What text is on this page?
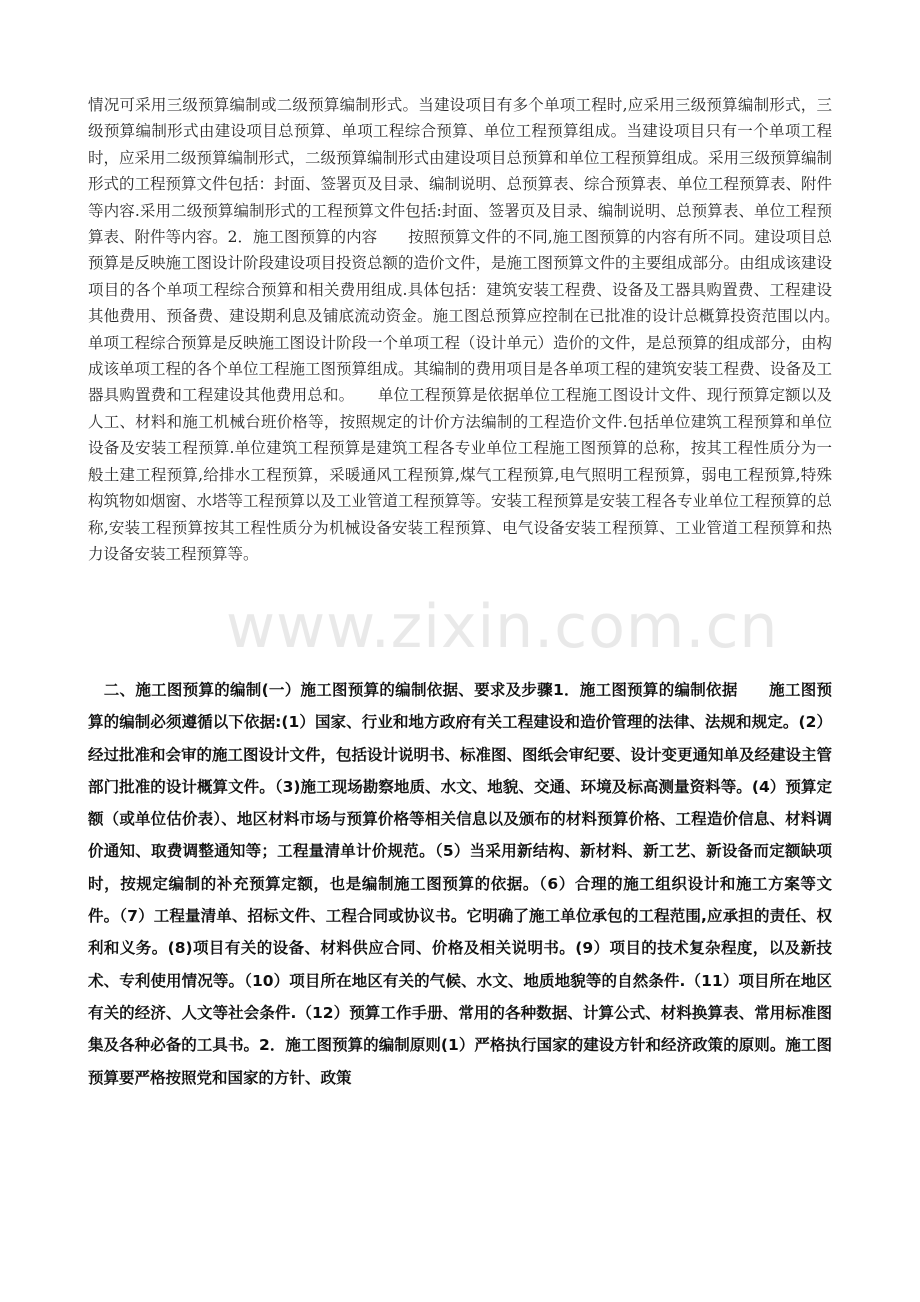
情况可采用三级预算编制或二级预算编制形式。当建设项目有多个单项工程时,应采用三级预算编制形式，三级预算编制形式由建设项目总预算、单项工程综合预算、单位工程预算组成。当建设项目只有一个单项工程时，应采用二级预算编制形式，二级预算编制形式由建设项目总预算和单位工程预算组成。采用三级预算编制形式的工程预算文件包括：封面、签署页及目录、编制说明、总预算表、综合预算表、单位工程预算表、附件等内容.采用二级预算编制形式的工程预算文件包括:封面、签署页及目录、编制说明、总预算表、单位工程预算表、附件等内容。2．施工图预算的内容　　按照预算文件的不同,施工图预算的内容有所不同。建设项目总预算是反映施工图设计阶段建设项目投资总额的造价文件，是施工图预算文件的主要组成部分。由组成该建设项目的各个单项工程综合预算和相关费用组成.具体包括：建筑安装工程费、设备及工器具购置费、工程建设其他费用、预备费、建设期利息及铺底流动资金。施工图总预算应控制在已批准的设计总概算投资范围以内。　　单项工程综合预算是反映施工图设计阶段一个单项工程（设计单元）造价的文件，是总预算的组成部分，由构成该单项工程的各个单位工程施工图预算组成。其编制的费用项目是各单项工程的建筑安装工程费、设备及工器具购置费和工程建设其他费用总和。　　单位工程预算是依据单位工程施工图设计文件、现行预算定额以及人工、材料和施工机械台班价格等，按照规定的计价方法编制的工程造价文件.包括单位建筑工程预算和单位设备及安装工程预算.单位建筑工程预算是建筑工程各专业单位工程施工图预算的总称，按其工程性质分为一般土建工程预算,给排水工程预算，采暖通风工程预算,煤气工程预算,电气照明工程预算，弱电工程预算,特殊构筑物如烟窗、水塔等工程预算以及工业管道工程预算等。安装工程预算是安装工程各专业单位工程预算的总称,安装工程预算按其工程性质分为机械设备安装工程预算、电气设备安装工程预算、工业管道工程预算和热力设备安装工程预算等。

www.zixin.com.cn

　二、施工图预算的编制(一）施工图预算的编制依据、要求及步骤1．施工图预算的编制依据　　施工图预算的编制必须遵循以下依据:(1）国家、行业和地方政府有关工程建设和造价管理的法律、法规和规定。(2）经过批准和会审的施工图设计文件，包括设计说明书、标准图、图纸会审纪要、设计变更通知单及经建设主管部门批准的设计概算文件。（3)施工现场勘察地质、水文、地貌、交通、环境及标高测量资料等。(4）预算定额（或单位估价表）、地区材料市场与预算价格等相关信息以及颁布的材料预算价格、工程造价信息、材料调价通知、取费调整通知等；工程量清单计价规范。（5）当采用新结构、新材料、新工艺、新设备而定额缺项时，按规定编制的补充预算定额，也是编制施工图预算的依据。（6）合理的施工组织设计和施工方案等文件。（7）工程量清单、招标文件、工程合同或协议书。它明确了施工单位承包的工程范围,应承担的责任、权利和义务。(8)项目有关的设备、材料供应合同、价格及相关说明书。(9）项目的技术复杂程度，以及新技术、专利使用情况等。（10）项目所在地区有关的气候、水文、地质地貌等的自然条件.（11）项目所在地区有关的经济、人文等社会条件.（12）预算工作手册、常用的各种数据、计算公式、材料换算表、常用标准图集及各种必备的工具书。2．施工图预算的编制原则(1）严格执行国家的建设方针和经济政策的原则。施工图预算要严格按照党和国家的方针、政策
